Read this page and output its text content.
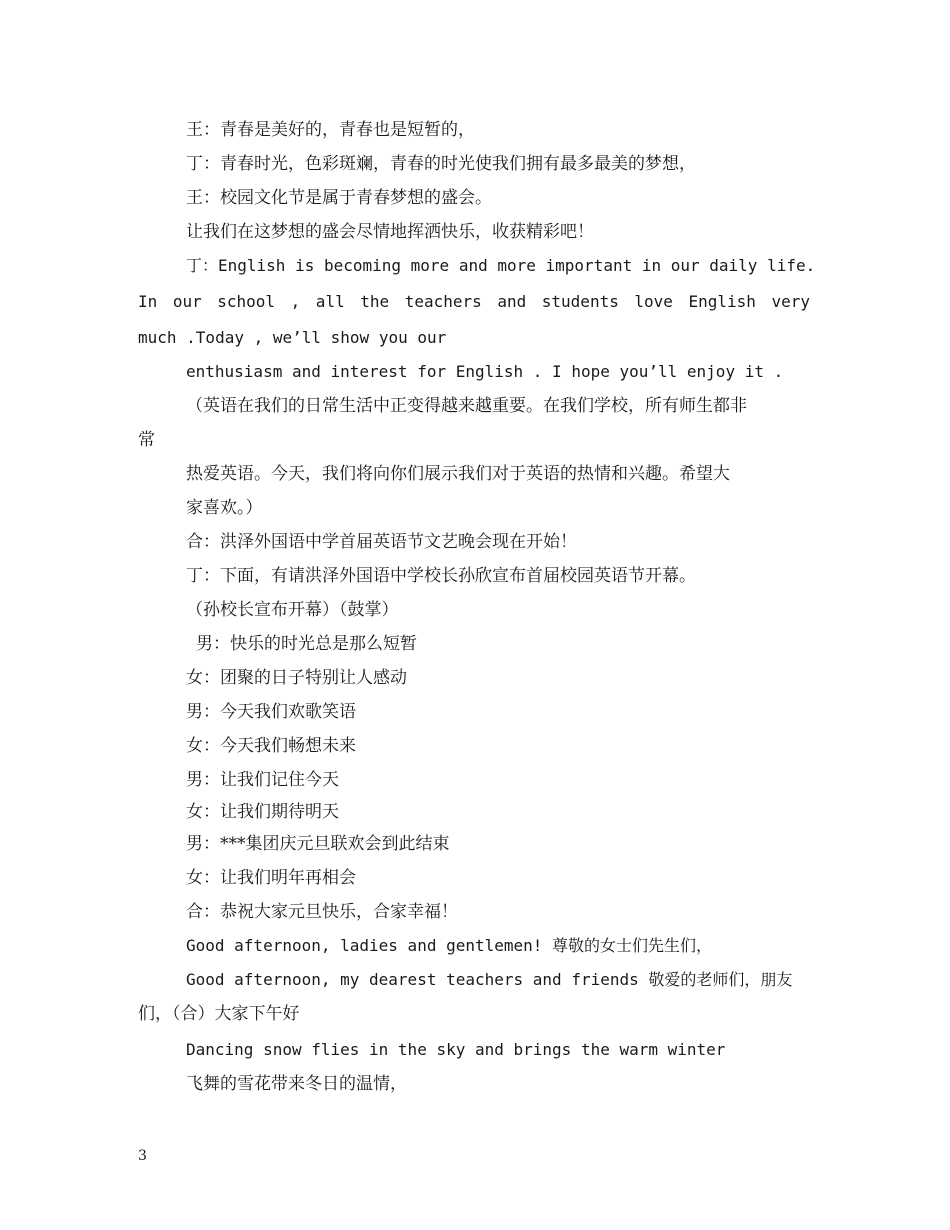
王：青春是美好的，青春也是短暂的，
丁：青春时光，色彩斑斓，青春的时光使我们拥有最多最美的梦想，
王：校园文化节是属于青春梦想的盛会。
让我们在这梦想的盛会尽情地挥洒快乐，收获精彩吧！
丁：English is becoming more and more important in our daily life.
In our school , all the teachers and students love English very
much .Today , we’ll show you our
enthusiasm and interest for English . I hope you’ll enjoy it .
（英语在我们的日常生活中正变得越来越重要。在我们学校，所有师生都非
常
热爱英语。今天，我们将向你们展示我们对于英语的热情和兴趣。希望大
家喜欢。）
合：洪泽外国语中学首届英语节文艺晚会现在开始！
丁：下面，有请洪泽外国语中学校长孙欣宣布首届校园英语节开幕。
（孙校长宣布开幕）（鼓掌）
男：快乐的时光总是那么短暂
女：团聚的日子特别让人感动
男：今天我们欢歌笑语
女：今天我们畅想未来
男：让我们记住今天
女：让我们期待明天
男：***集团庆元旦联欢会到此结束
女：让我们明年再相会
合：恭祝大家元旦快乐，合家幸福！
Good afternoon, ladies and gentlemen! 尊敬的女士们先生们，
Good afternoon, my dearest teachers and friends 敬爱的老师们，朋友
们，（合）大家下午好
Dancing snow flies in the sky and brings the warm winter
飞舞的雪花带来冬日的温情，
3
